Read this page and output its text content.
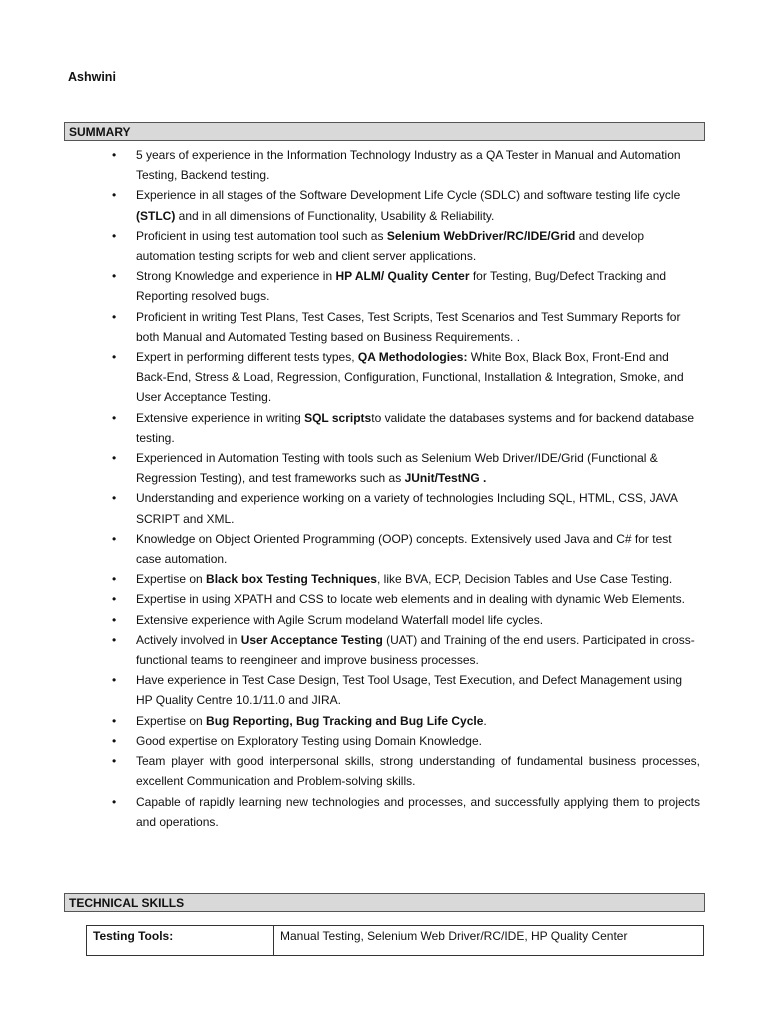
Ashwini
SUMMARY
• 5 years of experience in the Information Technology Industry as a QA Tester in Manual and Automation Testing, Backend testing.
• Experience in all stages of the Software Development Life Cycle (SDLC) and software testing life cycle (STLC) and in all dimensions of Functionality, Usability & Reliability.
• Proficient in using test automation tool such as Selenium WebDriver/RC/IDE/Grid and develop automation testing scripts for web and client server applications.
• Strong Knowledge and experience in HP ALM/ Quality Center for Testing, Bug/Defect Tracking and Reporting resolved bugs.
• Proficient in writing Test Plans, Test Cases, Test Scripts, Test Scenarios and Test Summary Reports for both Manual and Automated Testing based on Business Requirements. .
• Expert in performing different tests types, QA Methodologies: White Box, Black Box, Front-End and Back-End, Stress & Load, Regression, Configuration, Functional, Installation & Integration, Smoke, and User Acceptance Testing.
• Extensive experience in writing SQL scriptsto validate the databases systems and for backend database testing.
• Experienced in Automation Testing with tools such as Selenium Web Driver/IDE/Grid (Functional & Regression Testing), and test frameworks such as JUnit/TestNG .
• Understanding and experience working on a variety of technologies Including SQL, HTML, CSS, JAVA SCRIPT and XML.
• Knowledge on Object Oriented Programming (OOP) concepts. Extensively used Java and C# for test case automation.
• Expertise on Black box Testing Techniques, like BVA, ECP, Decision Tables and Use Case Testing.
• Expertise in using XPATH and CSS to locate web elements and in dealing with dynamic Web Elements.
• Extensive experience with Agile Scrum modeland Waterfall model life cycles.
• Actively involved in User Acceptance Testing (UAT) and Training of the end users. Participated in cross-functional teams to reengineer and improve business processes.
• Have experience in Test Case Design, Test Tool Usage, Test Execution, and Defect Management using HP Quality Centre 10.1/11.0 and JIRA.
• Expertise on Bug Reporting, Bug Tracking and Bug Life Cycle.
• Good expertise on Exploratory Testing using Domain Knowledge.
• Team player with good interpersonal skills, strong understanding of fundamental business processes, excellent Communication and Problem-solving skills.
• Capable of rapidly learning new technologies and processes, and successfully applying them to projects and operations.
TECHNICAL SKILLS
Testing Tools:	Manual Testing, Selenium Web Driver/RC/IDE, HP Quality Center
